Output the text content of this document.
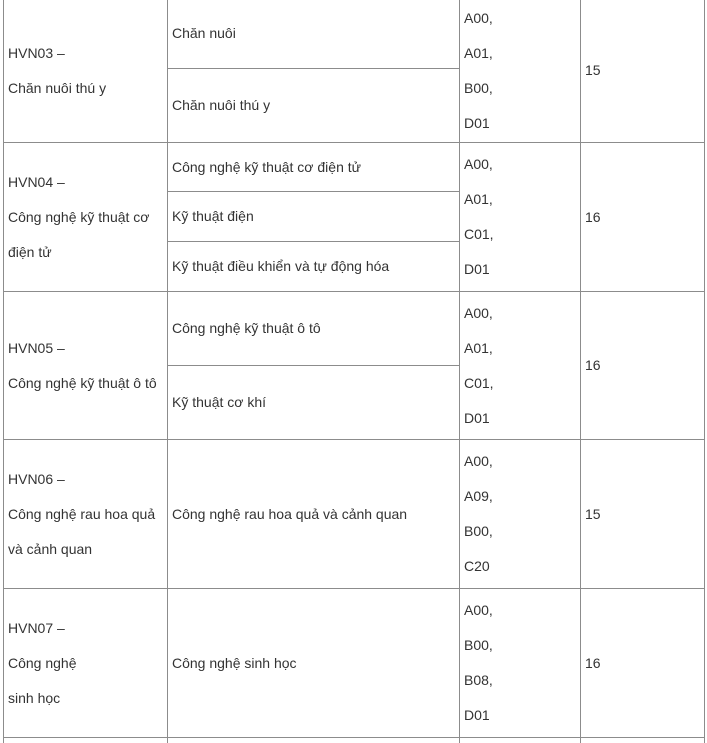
HVN03 –
Chăn nuôi thú y	Chăn nuôi	A00,
A01,
B00,
D01	15
	Chăn nuôi thú y		

HVN04 –
Công nghệ kỹ thuật cơ
điện tử	Công nghệ kỹ thuật cơ điện tử	A00,
A01,
C01,
D01	16
	Kỹ thuật điện		
	Kỹ thuật điều khiển và tự động hóa		

HVN05 –
Công nghệ kỹ thuật ô tô	Công nghệ kỹ thuật ô tô	A00,
A01,
C01,
D01	16
	Kỹ thuật cơ khí		

HVN06 –
Công nghệ rau hoa quả
và cảnh quan	Công nghệ rau hoa quả và cảnh quan	A00,
A09,
B00,
C20	15

HVN07 –
Công nghệ
sinh học	Công nghệ sinh học	A00,
B00,
B08,
D01	16
